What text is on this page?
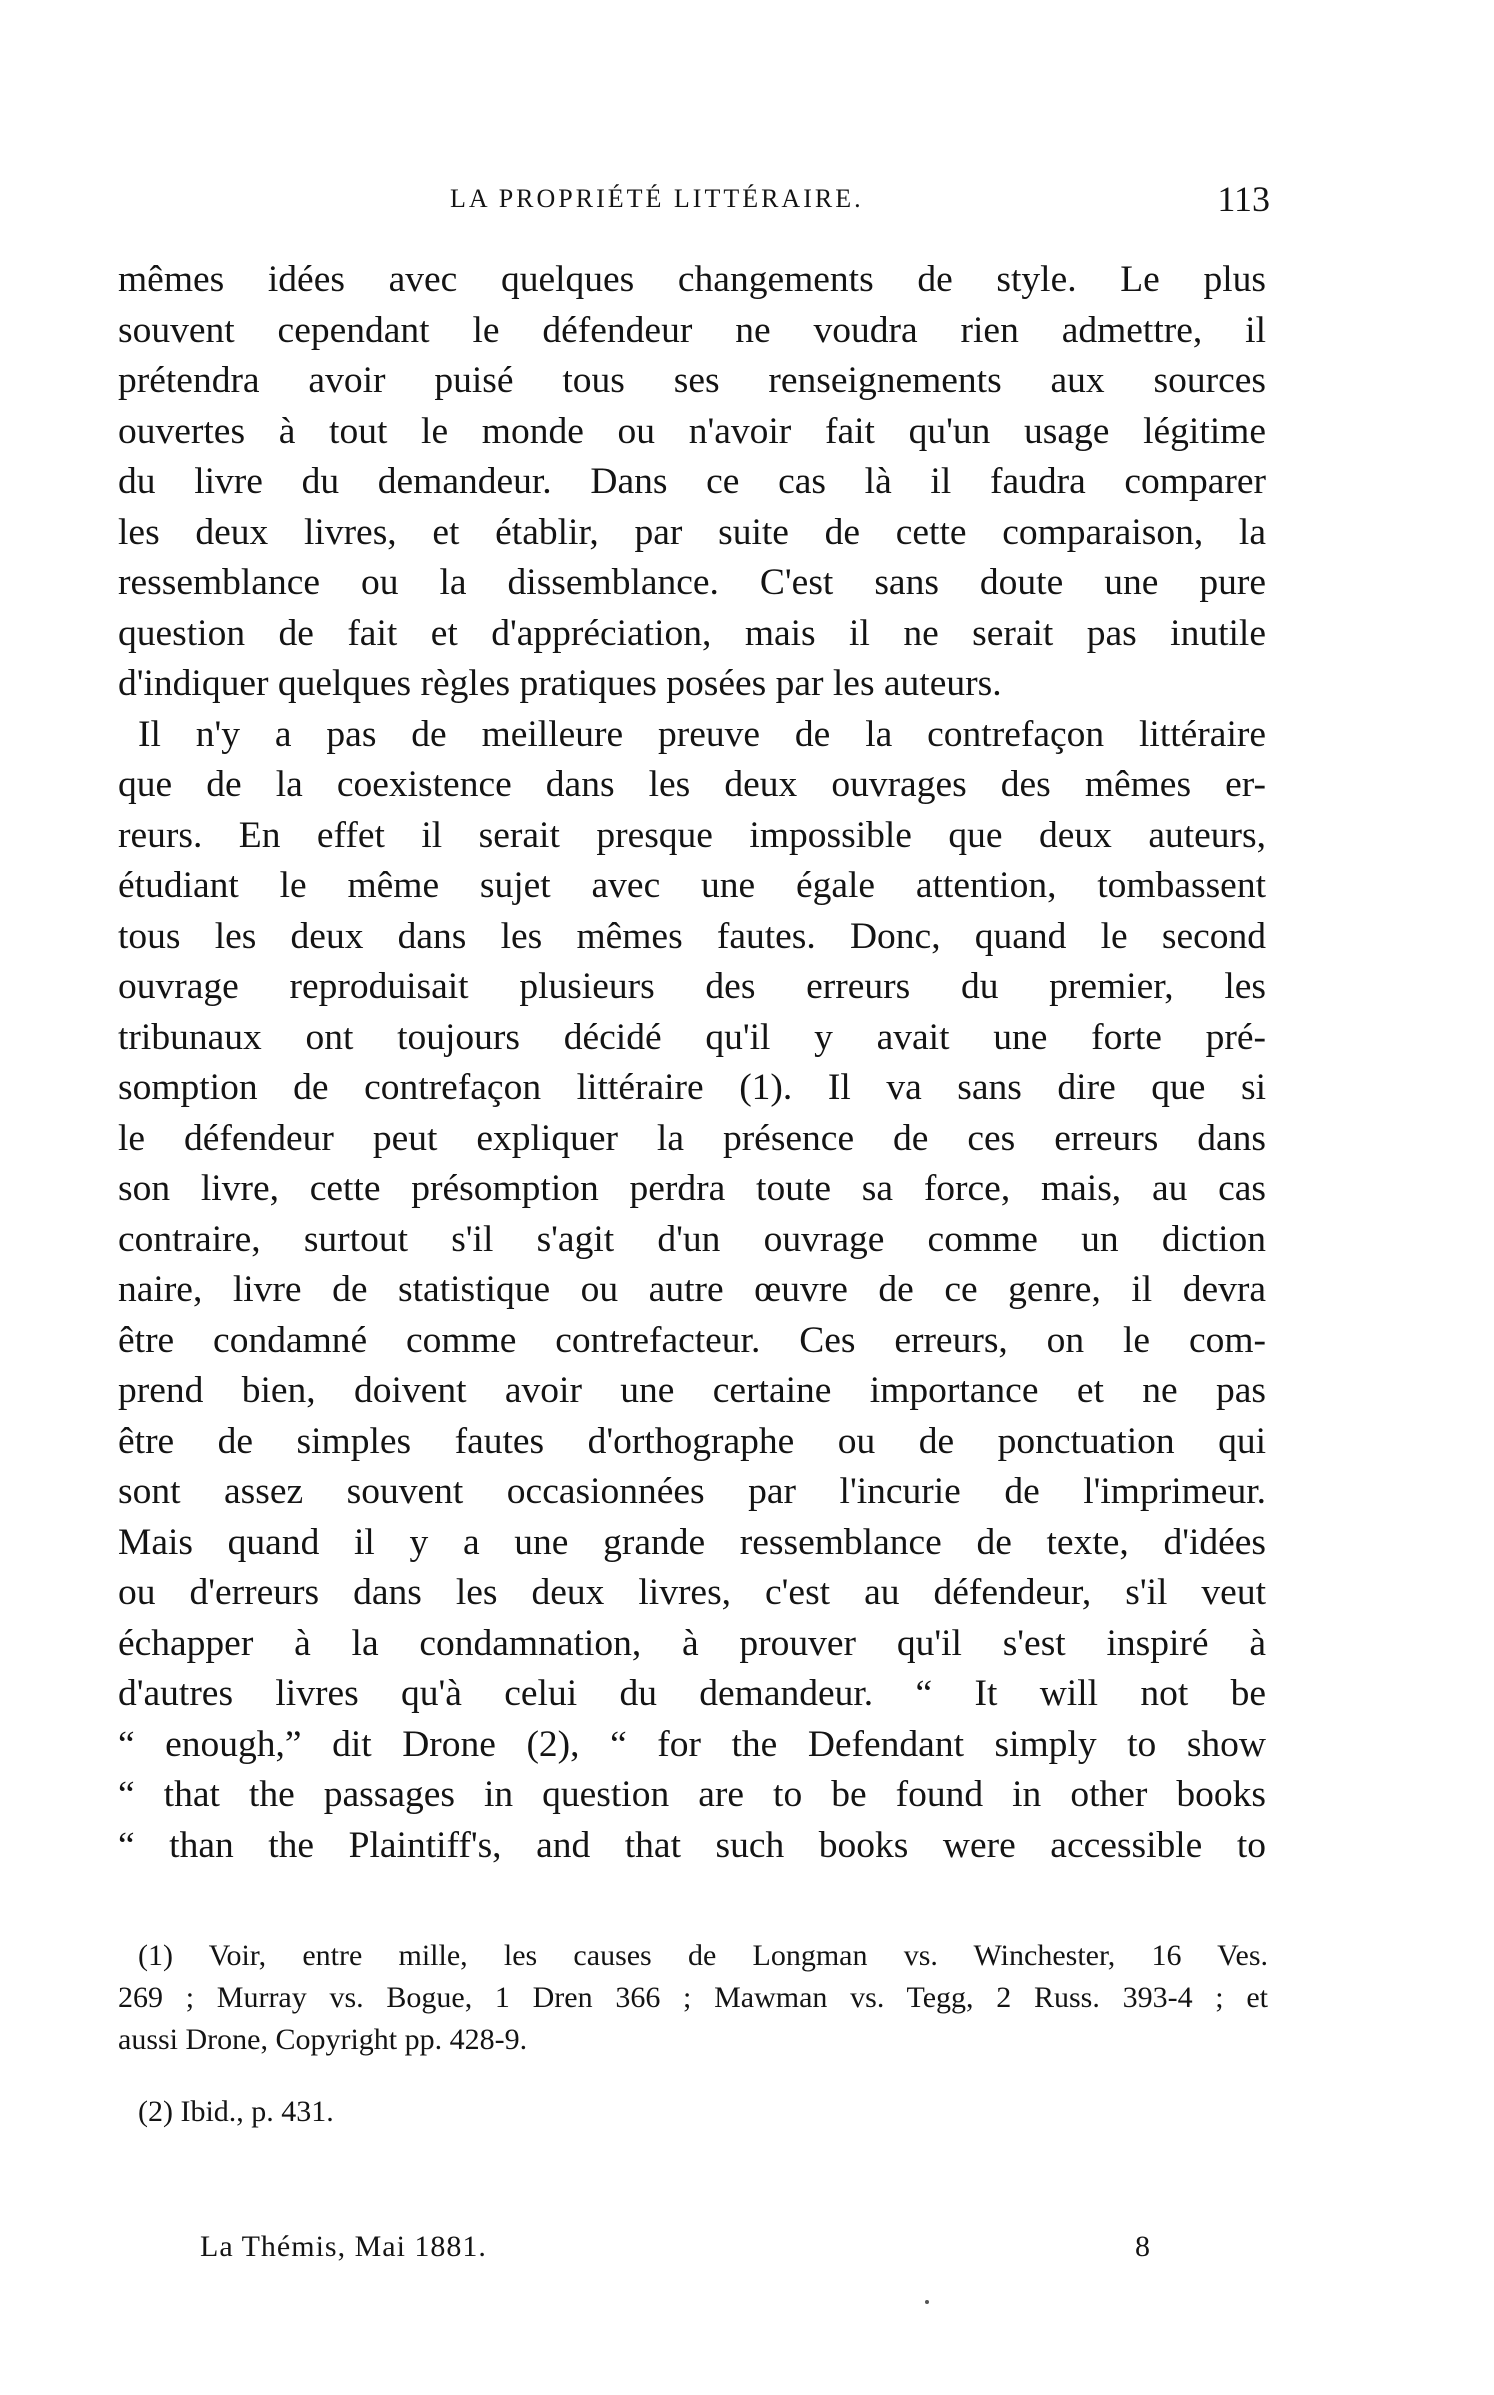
LA PROPRIÉTÉ LITTÉRAIRE.	113
mêmes idées avec quelques changements de style. Le plus
souvent cependant le défendeur ne voudra rien admettre, il
prétendra avoir puisé tous ses renseignements aux sources
ouvertes à tout le monde ou n'avoir fait qu'un usage légitime
du livre du demandeur. Dans ce cas là il faudra comparer
les deux livres, et établir, par suite de cette comparaison, la
ressemblance ou la dissemblance. C'est sans doute une pure
question de fait et d'appréciation, mais il ne serait pas inutile
d'indiquer quelques règles pratiques posées par les auteurs.
Il n'y a pas de meilleure preuve de la contrefaçon littéraire
que de la coexistence dans les deux ouvrages des mêmes er-
reurs. En effet il serait presque impossible que deux auteurs,
étudiant le même sujet avec une égale attention, tombassent
tous les deux dans les mêmes fautes. Donc, quand le second
ouvrage reproduisait plusieurs des erreurs du premier, les
tribunaux ont toujours décidé qu'il y avait une forte pré-
somption de contrefaçon littéraire (1). Il va sans dire que si
le défendeur peut expliquer la présence de ces erreurs dans
son livre, cette présomption perdra toute sa force, mais, au cas
contraire, surtout s'il s'agit d'un ouvrage comme un diction
naire, livre de statistique ou autre œuvre de ce genre, il devra
être condamné comme contrefacteur. Ces erreurs, on le com-
prend bien, doivent avoir une certaine importance et ne pas
être de simples fautes d'orthographe ou de ponctuation qui
sont assez souvent occasionnées par l'incurie de l'imprimeur.
Mais quand il y a une grande ressemblance de texte, d'idées
ou d'erreurs dans les deux livres, c'est au défendeur, s'il veut
échapper à la condamnation, à prouver qu'il s'est inspiré à
d'autres livres qu'à celui du demandeur. “ It will not be
“ enough,” dit Drone (2), “ for the Defendant simply to show
“ that the passages in question are to be found in other books
“ than the Plaintiff's, and that such books were accessible to
(1) Voir, entre mille, les causes de Longman vs. Winchester, 16 Ves.
269 ; Murray vs. Bogue, 1 Dren 366 ; Mawman vs. Tegg, 2 Russ. 393-4 ; et
aussi Drone, Copyright pp. 428-9.
(2) Ibid., p. 431.
La Thémis, Mai 1881.	8
